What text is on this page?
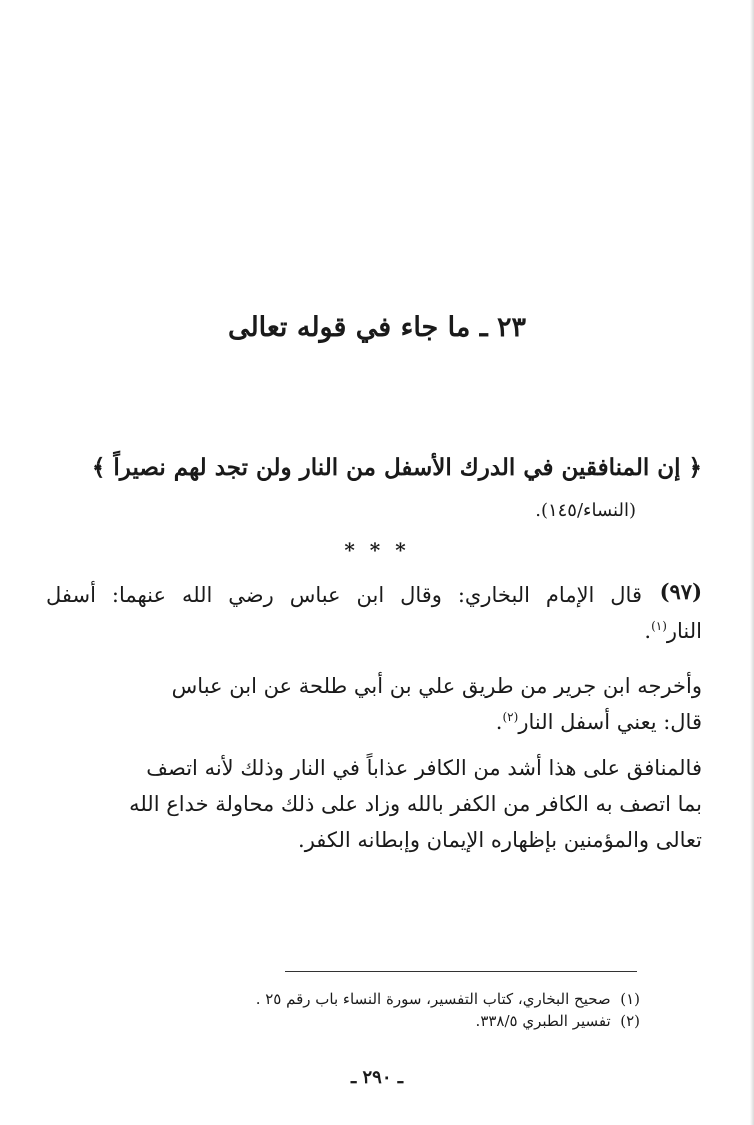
٢٣ ـ ما جاء في قوله تعالى
﴿ إن المنافقين في الدرك الأسفل من النار ولن تجد لهم نصيراً ﴾
(النساء/١٤٥).
* * *
(٩٧)
قال الإمام البخاري: وقال ابن عباس رضي الله عنهما: أسفل
النار$^{(١)}$.
وأخرجه ابن جرير من طريق علي بن أبي طلحة عن ابن عباس
قال: يعني أسفل النار$^{(٢)}$.
فالمنافق على هذا أشد من الكافر عذاباً في النار وذلك لأنه اتصف
بما اتصف به الكافر من الكفر بالله وزاد على ذلك محاولة خداع الله
تعالى والمؤمنين بإظهاره الإيمان وإبطانه الكفر.
(١)  صحيح البخاري، كتاب التفسير، سورة النساء باب رقم ٢٥ .
(٢)  تفسير الطبري ٣٣٨/٥.
ـ ٢٩٠ ـ
